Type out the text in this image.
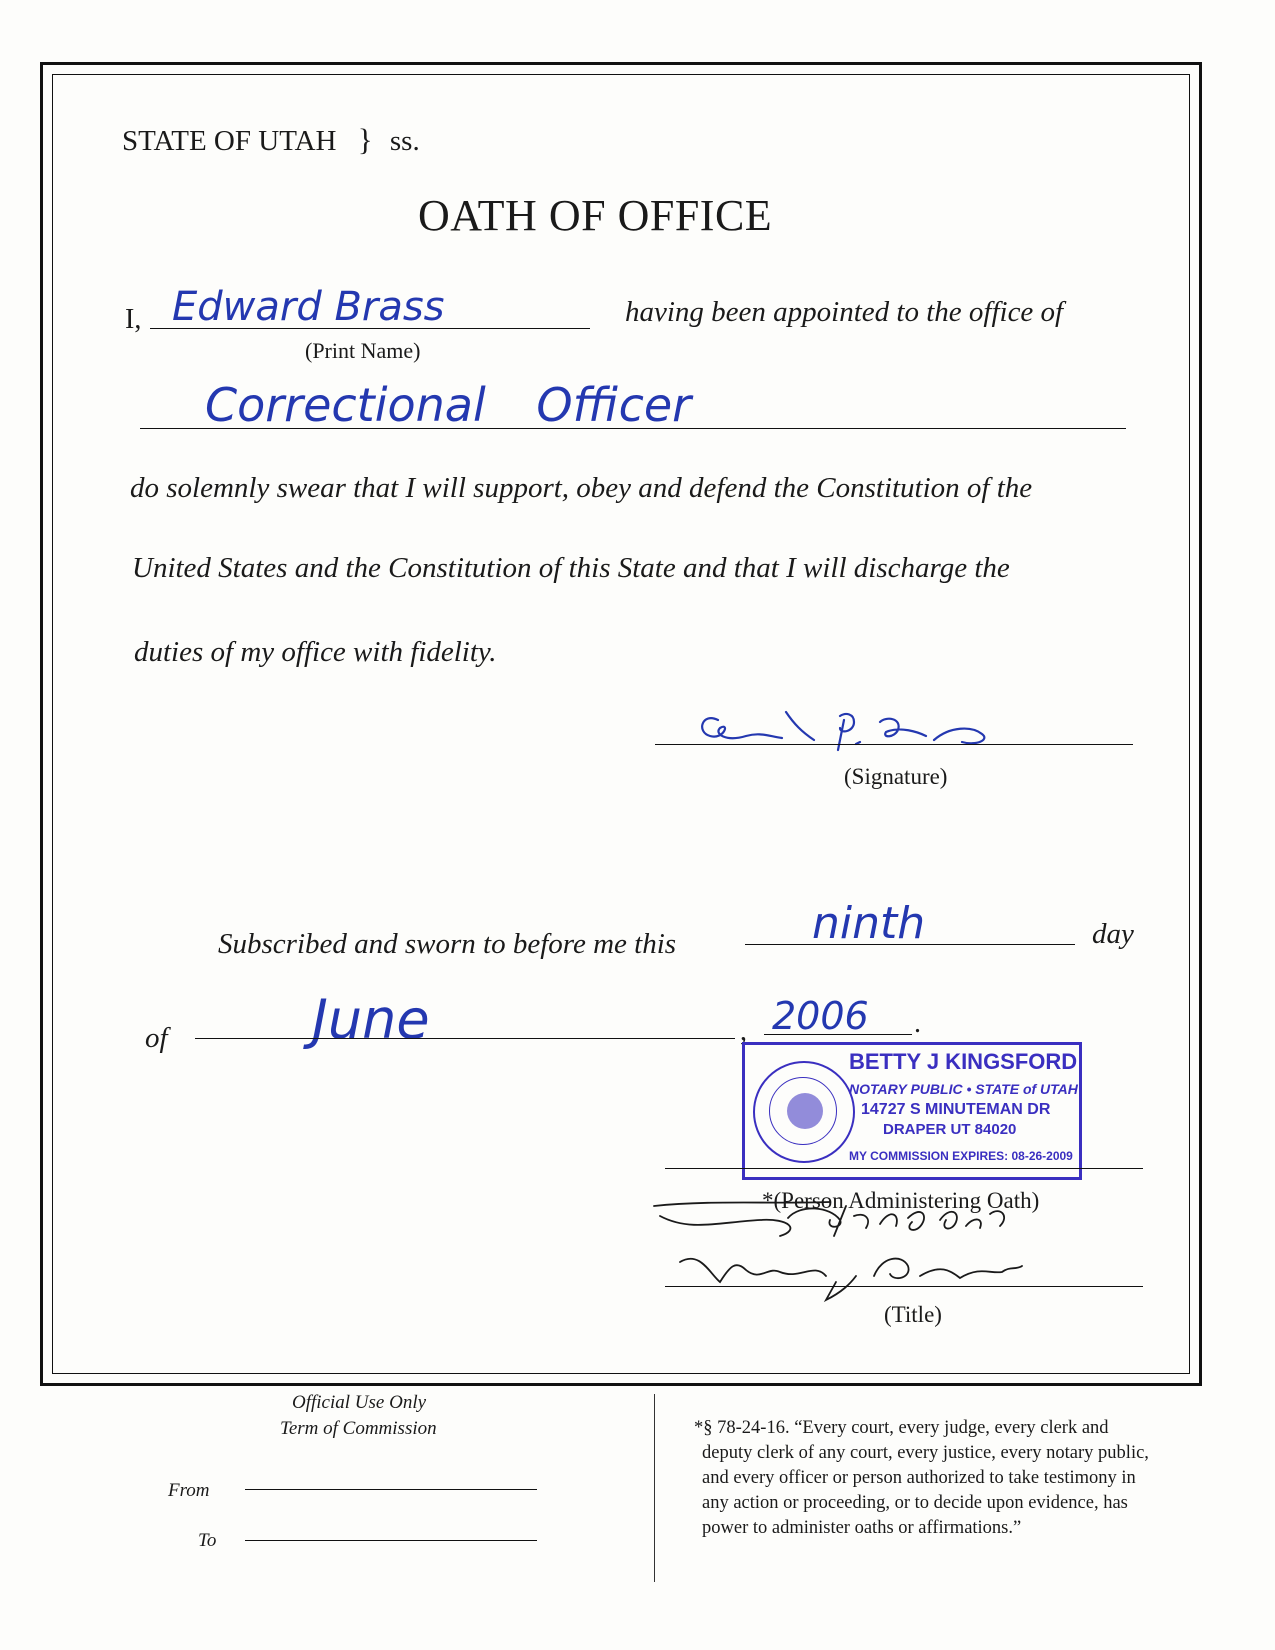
STATE OF UTAH } ss.
OATH OF OFFICE
I, Edward Brass
(Print Name)
having been appointed to the office of
Correctional Officer
do solemnly swear that I will support, obey and defend the Constitution of the
United States and the Constitution of this State and that I will discharge the
duties of my office with fidelity.
(Signature)
Subscribed and sworn to before me this	ninth	day
of	June	, 2006 .
BETTY J KINGSFORD
NOTARY PUBLIC • STATE of UTAH
14727 S MINUTEMAN DR
DRAPER UT 84020
MY COMMISSION EXPIRES: 08-26-2009
*(Person Administering Oath)
(Title)
Official Use Only
Term of Commission
From
To
*§ 78-24-16. “Every court, every judge, every clerk and
deputy clerk of any court, every justice, every notary public,
and every officer or person authorized to take testimony in
any action or proceeding, or to decide upon evidence, has
power to administer oaths or affirmations.”
